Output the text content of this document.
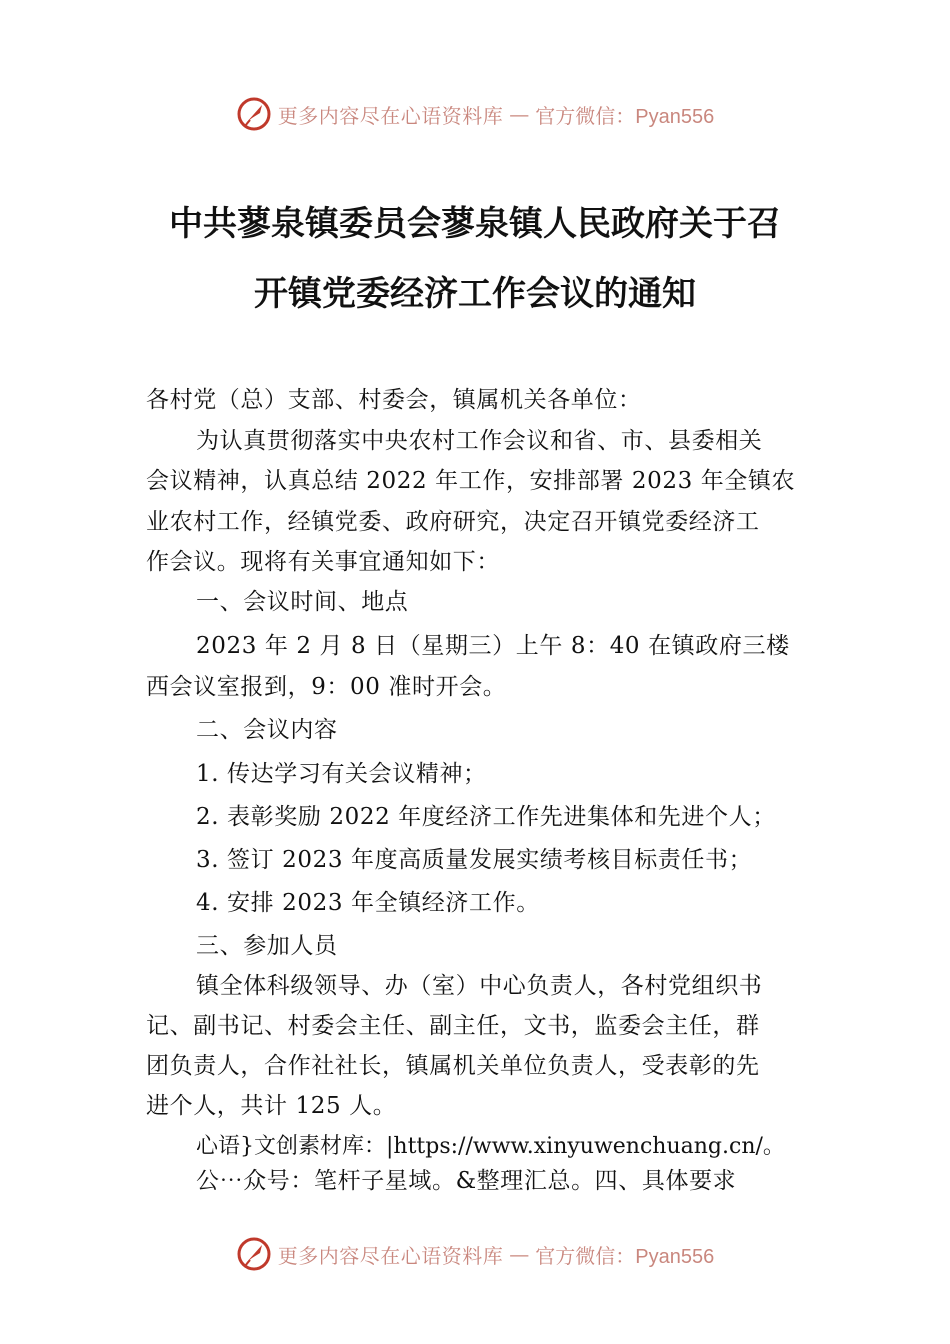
更多内容尽在心语资料库 — 官方微信：Pyan556
中共蓼泉镇委员会蓼泉镇人民政府关于召
开镇党委经济工作会议的通知
各村党（总）支部、村委会，镇属机关各单位：
为认真贯彻落实中央农村工作会议和省、市、县委相关
会议精神，认真总结 2022 年工作，安排部署 2023 年全镇农
业农村工作，经镇党委、政府研究，决定召开镇党委经济工
作会议。现将有关事宜通知如下：
一、会议时间、地点
2023 年 2 月 8 日（星期三）上午 8：40 在镇政府三楼
西会议室报到，9：00 准时开会。
二、会议内容
1. 传达学习有关会议精神；
2. 表彰奖励 2022 年度经济工作先进集体和先进个人；
3. 签订 2023 年度高质量发展实绩考核目标责任书；
4. 安排 2023 年全镇经济工作。
三、参加人员
镇全体科级领导、办（室）中心负责人，各村党组织书
记、副书记、村委会主任、副主任，文书，监委会主任，群
团负责人，合作社社长，镇属机关单位负责人，受表彰的先
进个人，共计 125 人。
心语}文创素材库：|https://www.xinyuwenchuang.cn/。
公⋯众号：笔杆子星域。&整理汇总。四、具体要求
更多内容尽在心语资料库 — 官方微信：Pyan556
